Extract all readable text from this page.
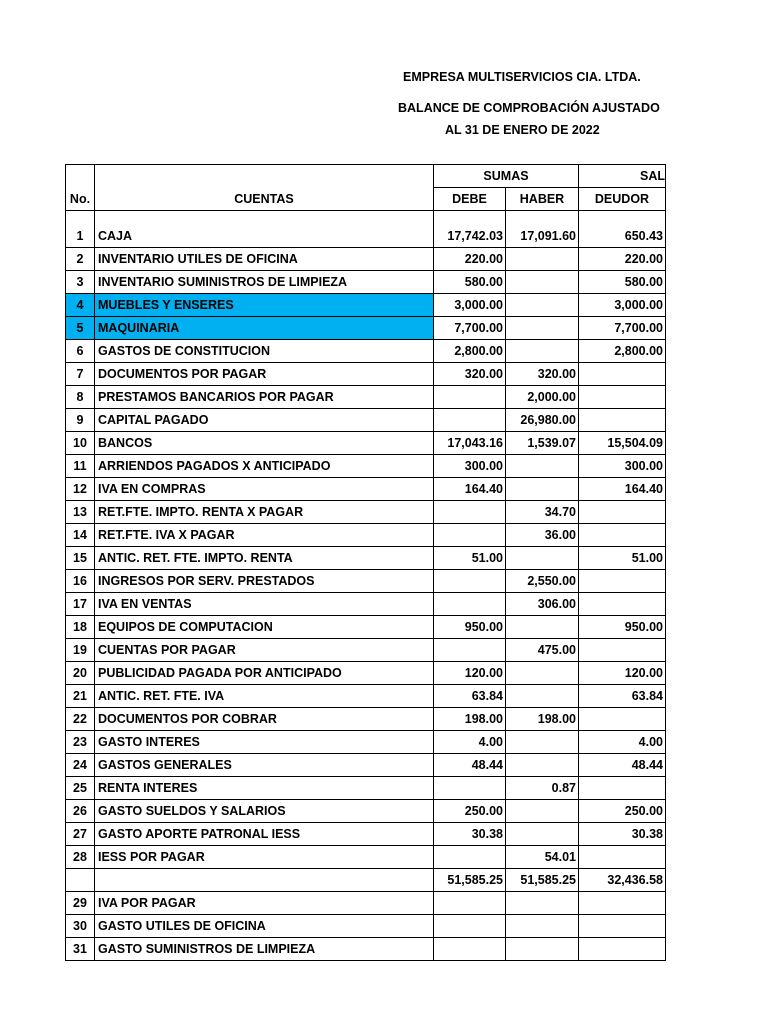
EMPRESA MULTISERVICIOS CIA. LTDA.
BALANCE DE COMPROBACIÓN AJUSTADO
AL 31 DE ENERO DE 2022
		SUMAS		SAL
No.	CUENTAS	DEBE	HABER	DEUDOR

1	CAJA	17,742.03	17,091.60	650.43
2	INVENTARIO UTILES DE OFICINA	220.00		220.00
3	INVENTARIO SUMINISTROS DE LIMPIEZA	580.00		580.00
4	MUEBLES Y ENSERES	3,000.00		3,000.00
5	MAQUINARIA	7,700.00		7,700.00
6	GASTOS DE CONSTITUCION	2,800.00		2,800.00
7	DOCUMENTOS POR PAGAR	320.00	320.00	
8	PRESTAMOS BANCARIOS POR PAGAR		2,000.00	
9	CAPITAL PAGADO		26,980.00	
10	BANCOS	17,043.16	1,539.07	15,504.09
11	ARRIENDOS PAGADOS X ANTICIPADO	300.00		300.00
12	IVA EN COMPRAS	164.40		164.40
13	RET.FTE. IMPTO. RENTA X PAGAR		34.70	
14	RET.FTE. IVA X PAGAR		36.00	
15	ANTIC. RET. FTE. IMPTO. RENTA	51.00		51.00
16	INGRESOS POR SERV. PRESTADOS		2,550.00	
17	IVA EN VENTAS		306.00	
18	EQUIPOS DE COMPUTACION	950.00		950.00
19	CUENTAS POR PAGAR		475.00	
20	PUBLICIDAD PAGADA POR ANTICIPADO	120.00		120.00
21	ANTIC. RET. FTE. IVA	63.84		63.84
22	DOCUMENTOS POR COBRAR	198.00	198.00	
23	GASTO INTERES	4.00		4.00
24	GASTOS GENERALES	48.44		48.44
25	RENTA INTERES		0.87	
26	GASTO SUELDOS Y SALARIOS	250.00		250.00
27	GASTO APORTE PATRONAL IESS	30.38		30.38
28	IESS POR PAGAR		54.01	
		51,585.25	51,585.25	32,436.58
29	IVA POR PAGAR			
30	GASTO UTILES DE OFICINA			
31	GASTO SUMINISTROS DE LIMPIEZA			
